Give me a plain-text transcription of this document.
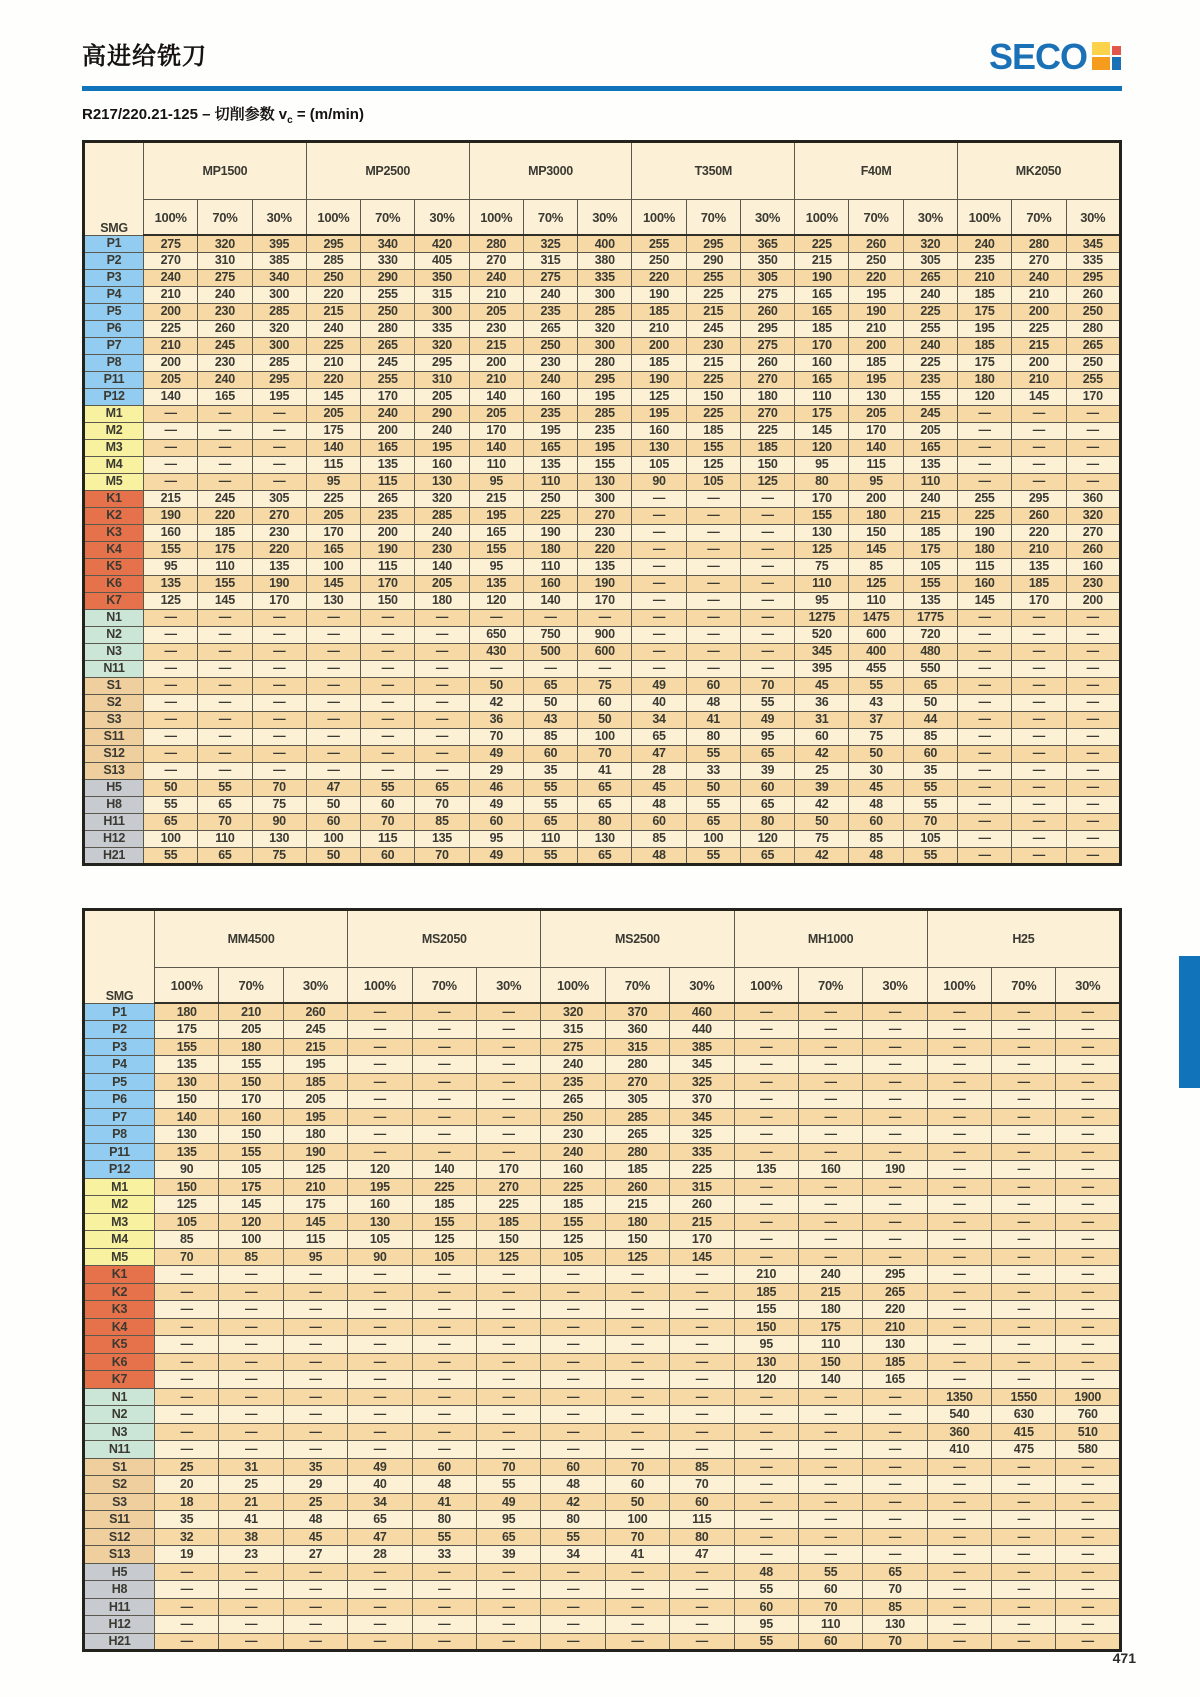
高进给铣刀	SECO
R217/220.21-125 – 切削参数 $v_c = (m/\min)$
SMG	MP1500			MP2500			MP3000			T350M			F40M			MK2050		
	100%	70%	30%	100%	70%	30%	100%	70%	30%	100%	70%	30%	100%	70%	30%	100%	70%	30%
P1	275	320	395	295	340	420	280	325	400	255	295	365	225	260	320	240	280	345
P2	270	310	385	285	330	405	270	315	380	250	290	350	215	250	305	235	270	335
P3	240	275	340	250	290	350	240	275	335	220	255	305	190	220	265	210	240	295
P4	210	240	300	220	255	315	210	240	300	190	225	275	165	195	240	185	210	260
P5	200	230	285	215	250	300	205	235	285	185	215	260	165	190	225	175	200	250
P6	225	260	320	240	280	335	230	265	320	210	245	295	185	210	255	195	225	280
P7	210	245	300	225	265	320	215	250	300	200	230	275	170	200	240	185	215	265
P8	200	230	285	210	245	295	200	230	280	185	215	260	160	185	225	175	200	250
P11	205	240	295	220	255	310	210	240	295	190	225	270	165	195	235	180	210	255
P12	140	165	195	145	170	205	140	160	195	125	150	180	110	130	155	120	145	170
M1	—	—	—	205	240	290	205	235	285	195	225	270	175	205	245	—	—	—
M2	—	—	—	175	200	240	170	195	235	160	185	225	145	170	205	—	—	—
M3	—	—	—	140	165	195	140	165	195	130	155	185	120	140	165	—	—	—
M4	—	—	—	115	135	160	110	135	155	105	125	150	95	115	135	—	—	—
M5	—	—	—	95	115	130	95	110	130	90	105	125	80	95	110	—	—	—
K1	215	245	305	225	265	320	215	250	300	—	—	—	170	200	240	255	295	360
K2	190	220	270	205	235	285	195	225	270	—	—	—	155	180	215	225	260	320
K3	160	185	230	170	200	240	165	190	230	—	—	—	130	150	185	190	220	270
K4	155	175	220	165	190	230	155	180	220	—	—	—	125	145	175	180	210	260
K5	95	110	135	100	115	140	95	110	135	—	—	—	75	85	105	115	135	160
K6	135	155	190	145	170	205	135	160	190	—	—	—	110	125	155	160	185	230
K7	125	145	170	130	150	180	120	140	170	—	—	—	95	110	135	145	170	200
N1	—	—	—	—	—	—	—	—	—	—	—	—	1275	1475	1775	—	—	—
N2	—	—	—	—	—	—	650	750	900	—	—	—	520	600	720	—	—	—
N3	—	—	—	—	—	—	430	500	600	—	—	—	345	400	480	—	—	—
N11	—	—	—	—	—	—	—	—	—	—	—	—	395	455	550	—	—	—
S1	—	—	—	—	—	—	50	65	75	49	60	70	45	55	65	—	—	—
S2	—	—	—	—	—	—	42	50	60	40	48	55	36	43	50	—	—	—
S3	—	—	—	—	—	—	36	43	50	34	41	49	31	37	44	—	—	—
S11	—	—	—	—	—	—	70	85	100	65	80	95	60	75	85	—	—	—
S12	—	—	—	—	—	—	49	60	70	47	55	65	42	50	60	—	—	—
S13	—	—	—	—	—	—	29	35	41	28	33	39	25	30	35	—	—	—
H5	50	55	70	47	55	65	46	55	65	45	50	60	39	45	55	—	—	—
H8	55	65	75	50	60	70	49	55	65	48	55	65	42	48	55	—	—	—
H11	65	70	90	60	70	85	60	65	80	60	65	80	50	60	70	—	—	—
H12	100	110	130	100	115	135	95	110	130	85	100	120	75	85	105	—	—	—
H21	55	65	75	50	60	70	49	55	65	48	55	65	42	48	55	—	—	—
SMG	MM4500			MS2050			MS2500			MH1000			H25		
	100%	70%	30%	100%	70%	30%	100%	70%	30%	100%	70%	30%	100%	70%	30%
P1	180	210	260	—	—	—	320	370	460	—	—	—	—	—	—
P2	175	205	245	—	—	—	315	360	440	—	—	—	—	—	—
P3	155	180	215	—	—	—	275	315	385	—	—	—	—	—	—
P4	135	155	195	—	—	—	240	280	345	—	—	—	—	—	—
P5	130	150	185	—	—	—	235	270	325	—	—	—	—	—	—
P6	150	170	205	—	—	—	265	305	370	—	—	—	—	—	—
P7	140	160	195	—	—	—	250	285	345	—	—	—	—	—	—
P8	130	150	180	—	—	—	230	265	325	—	—	—	—	—	—
P11	135	155	190	—	—	—	240	280	335	—	—	—	—	—	—
P12	90	105	125	120	140	170	160	185	225	135	160	190	—	—	—
M1	150	175	210	195	225	270	225	260	315	—	—	—	—	—	—
M2	125	145	175	160	185	225	185	215	260	—	—	—	—	—	—
M3	105	120	145	130	155	185	155	180	215	—	—	—	—	—	—
M4	85	100	115	105	125	150	125	150	170	—	—	—	—	—	—
M5	70	85	95	90	105	125	105	125	145	—	—	—	—	—	—
K1	—	—	—	—	—	—	—	—	—	210	240	295	—	—	—
K2	—	—	—	—	—	—	—	—	—	185	215	265	—	—	—
K3	—	—	—	—	—	—	—	—	—	155	180	220	—	—	—
K4	—	—	—	—	—	—	—	—	—	150	175	210	—	—	—
K5	—	—	—	—	—	—	—	—	—	95	110	130	—	—	—
K6	—	—	—	—	—	—	—	—	—	130	150	185	—	—	—
K7	—	—	—	—	—	—	—	—	—	120	140	165	—	—	—
N1	—	—	—	—	—	—	—	—	—	—	—	—	1350	1550	1900
N2	—	—	—	—	—	—	—	—	—	—	—	—	540	630	760
N3	—	—	—	—	—	—	—	—	—	—	—	—	360	415	510
N11	—	—	—	—	—	—	—	—	—	—	—	—	410	475	580
S1	25	31	35	49	60	70	60	70	85	—	—	—	—	—	—
S2	20	25	29	40	48	55	48	60	70	—	—	—	—	—	—
S3	18	21	25	34	41	49	42	50	60	—	—	—	—	—	—
S11	35	41	48	65	80	95	80	100	115	—	—	—	—	—	—
S12	32	38	45	47	55	65	55	70	80	—	—	—	—	—	—
S13	19	23	27	28	33	39	34	41	47	—	—	—	—	—	—
H5	—	—	—	—	—	—	—	—	—	48	55	65	—	—	—
H8	—	—	—	—	—	—	—	—	—	55	60	70	—	—	—
H11	—	—	—	—	—	—	—	—	—	60	70	85	—	—	—
H12	—	—	—	—	—	—	—	—	—	95	110	130	—	—	—
H21	—	—	—	—	—	—	—	—	—	55	60	70	—	—	—
471
